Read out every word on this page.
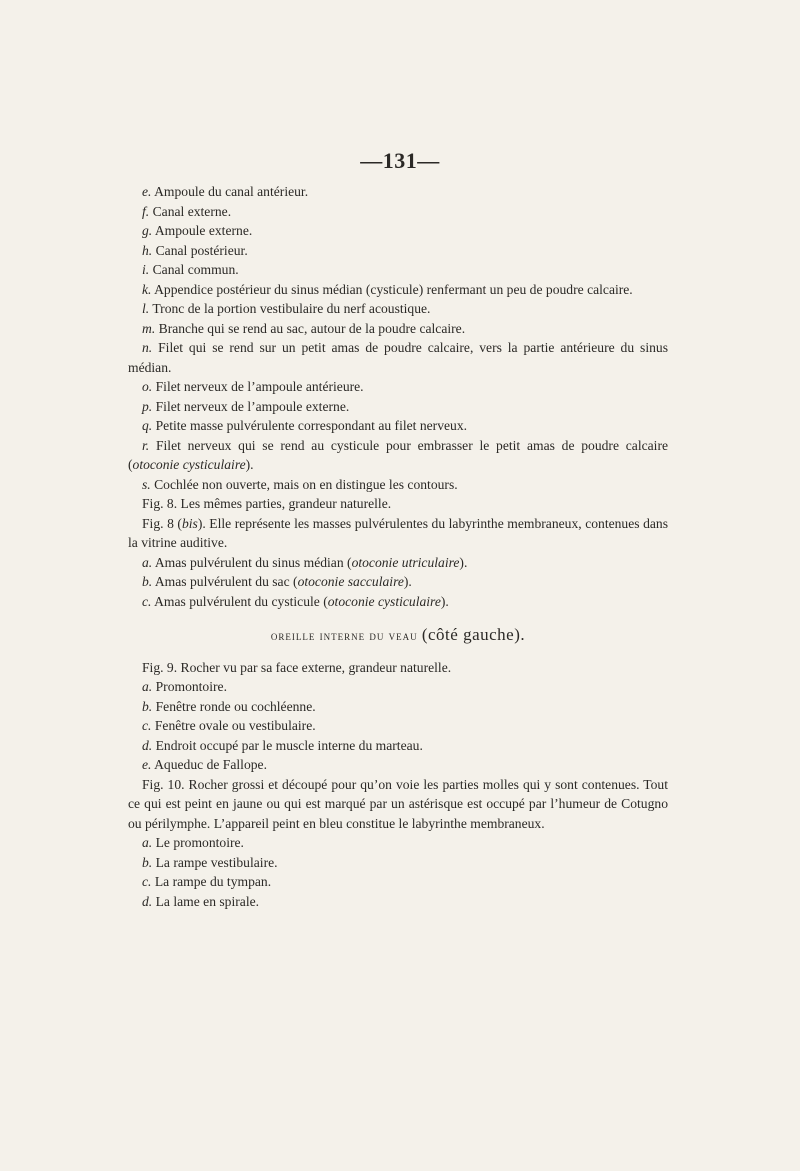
—131—

e. Ampoule du canal antérieur.

f. Canal externe.

g. Ampoule externe.

h. Canal postérieur.

i. Canal commun.

k. Appendice postérieur du sinus médian (cysticule) renfermant un peu de poudre calcaire.

l. Tronc de la portion vestibulaire du nerf acoustique.

m. Branche qui se rend au sac, autour de la poudre calcaire.

n. Filet qui se rend sur un petit amas de poudre calcaire, vers la partie antérieure du sinus médian.

o. Filet nerveux de l’ampoule antérieure.

p. Filet nerveux de l’ampoule externe.

q. Petite masse pulvérulente correspondant au filet nerveux.

r. Filet nerveux qui se rend au cysticule pour embrasser le petit amas de poudre calcaire (otoconie cysticulaire).

s. Cochlée non ouverte, mais on en distingue les contours.

Fig. 8. Les mêmes parties, grandeur naturelle.

Fig. 8 (bis). Elle représente les masses pulvérulentes du labyrinthe membraneux, contenues dans la vitrine auditive.

a. Amas pulvérulent du sinus médian (otoconie utriculaire).

b. Amas pulvérulent du sac (otoconie sacculaire).

c. Amas pulvérulent du cysticule (otoconie cysticulaire).

oreille interne du veau (côté gauche).

Fig. 9. Rocher vu par sa face externe, grandeur naturelle.

a. Promontoire.

b. Fenêtre ronde ou cochléenne.

c. Fenêtre ovale ou vestibulaire.

d. Endroit occupé par le muscle interne du marteau.

e. Aqueduc de Fallope.

Fig. 10. Rocher grossi et découpé pour qu’on voie les parties molles qui y sont contenues. Tout ce qui est peint en jaune ou qui est marqué par un astérisque est occupé par l’humeur de Cotugno ou périlymphe. L’appareil peint en bleu constitue le labyrinthe membraneux.

a. Le promontoire.

b. La rampe vestibulaire.

c. La rampe du tympan.

d. La lame en spirale.
